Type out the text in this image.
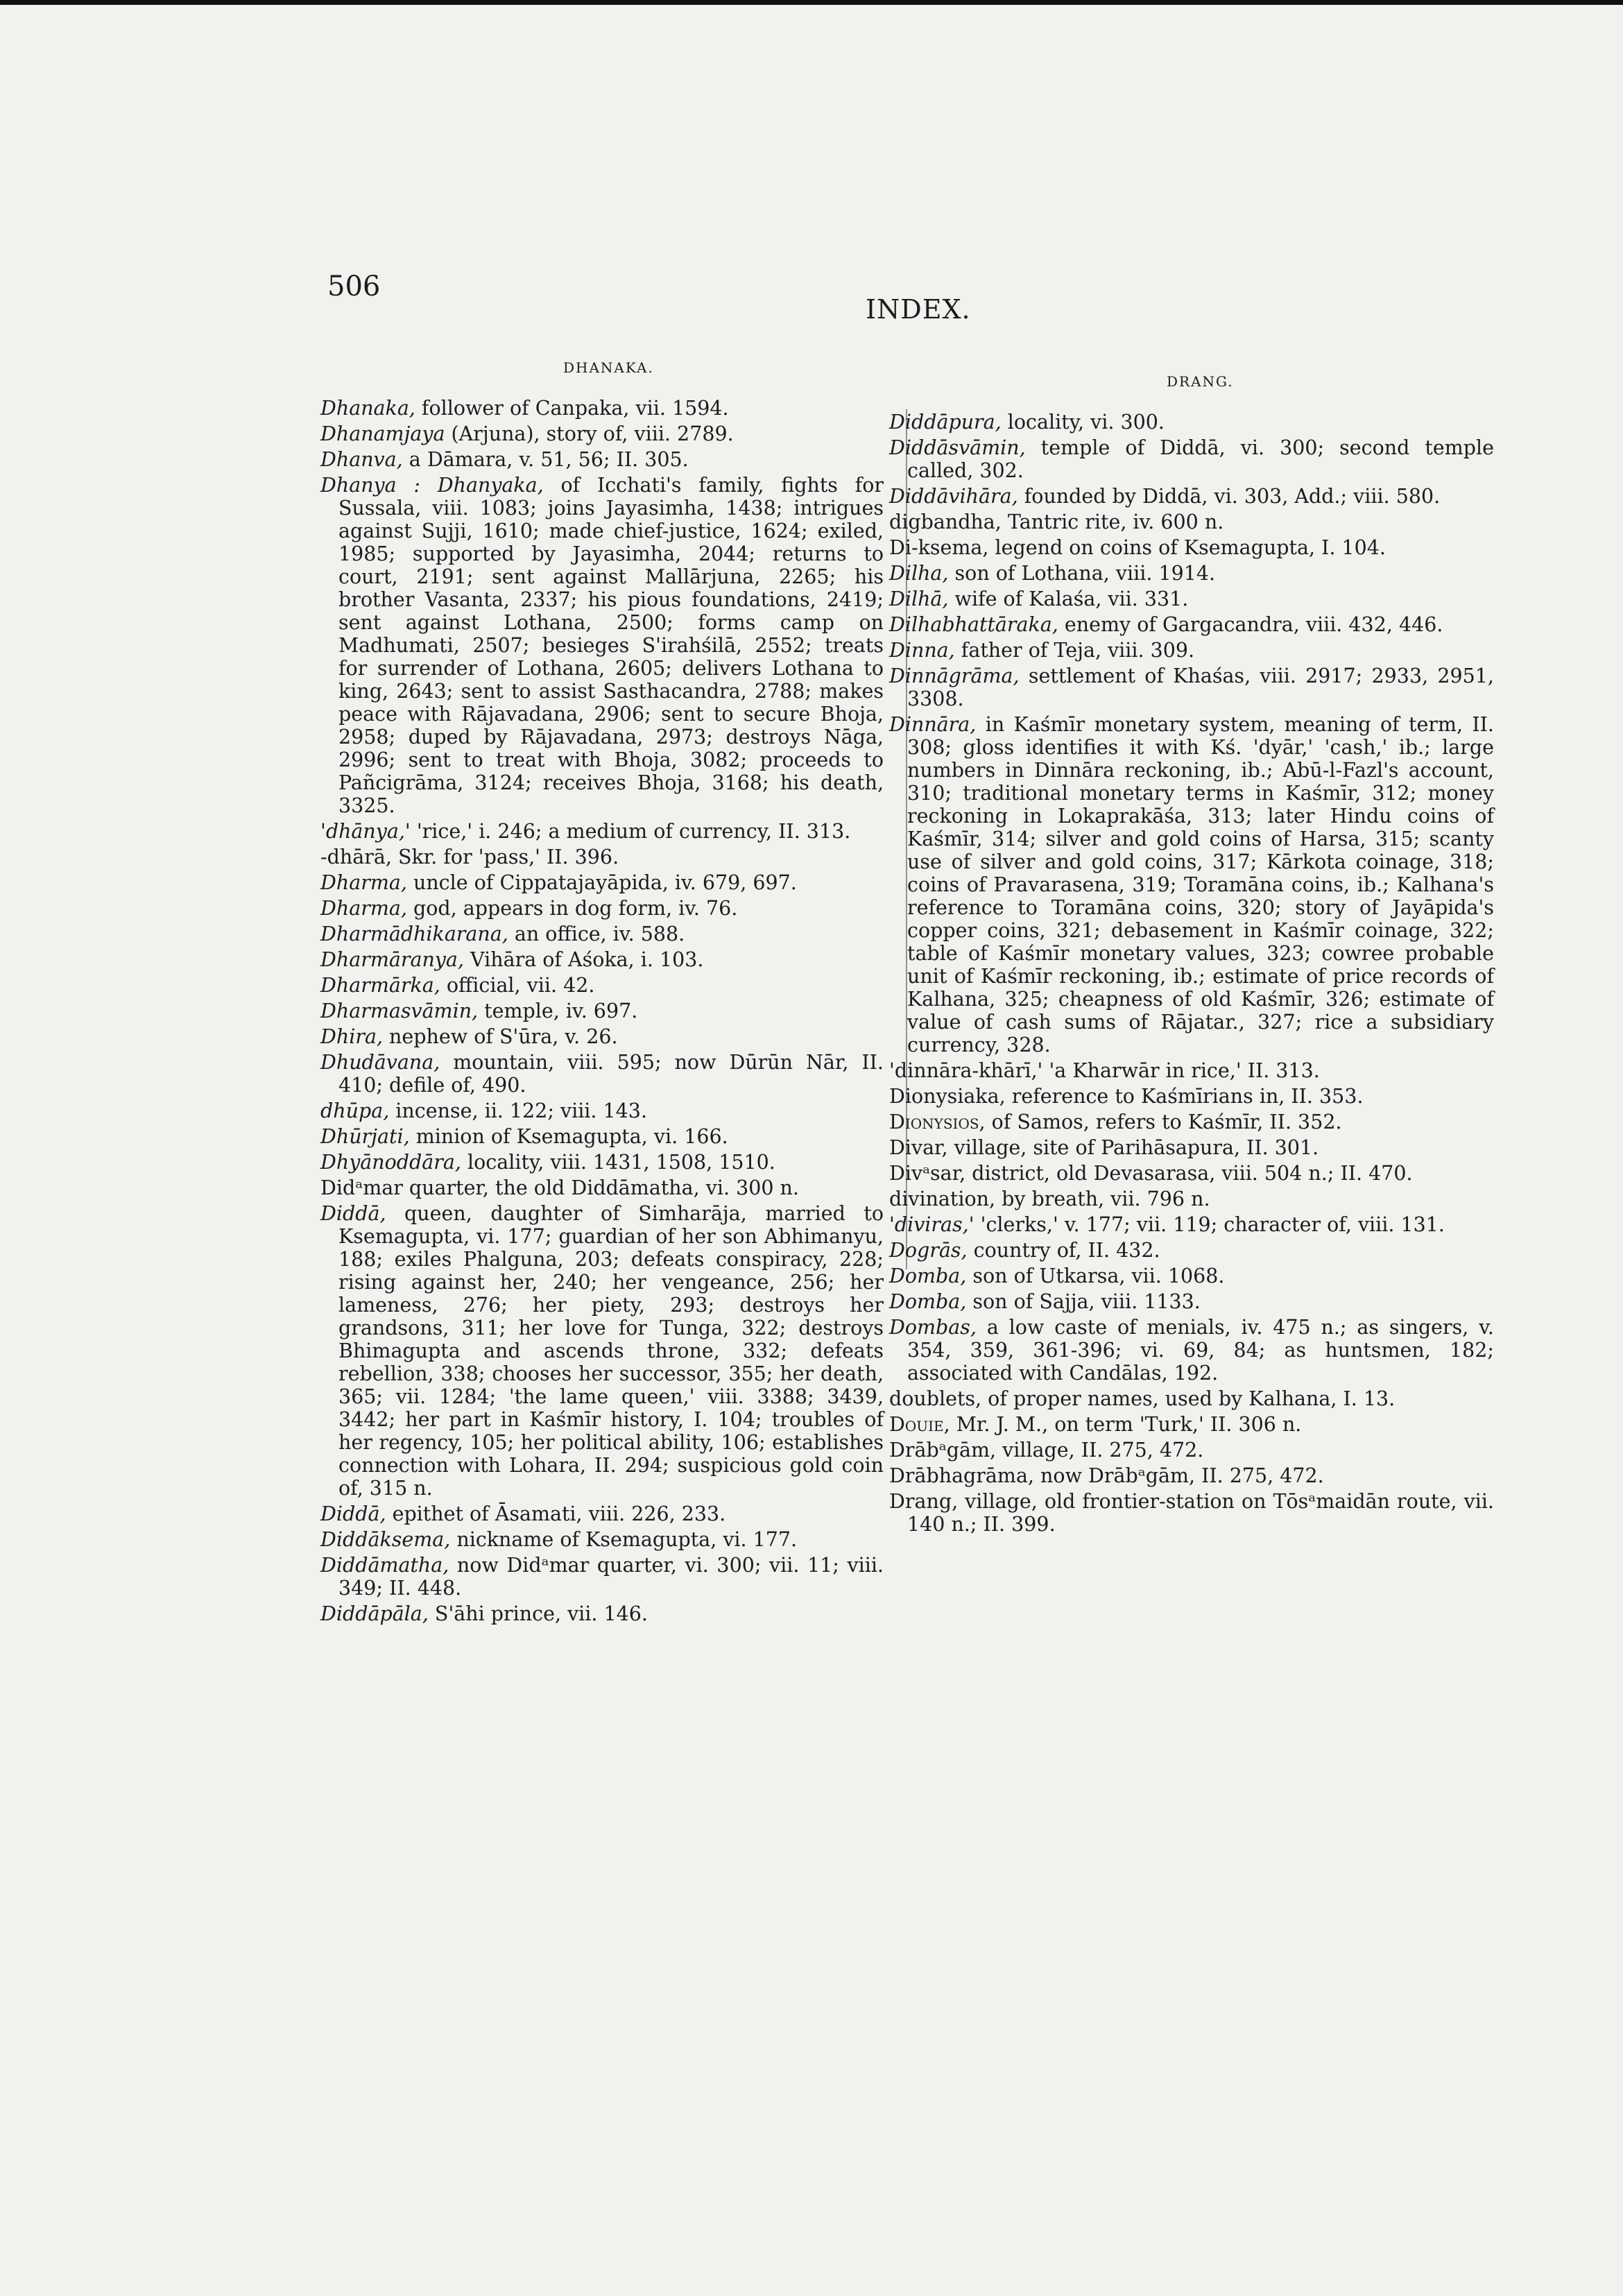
506
INDEX.
DHANAKA.
DRANG.
Dhanaka, follower of Canpaka, vii. 1594.
Dhanamjaya (Arjuna), story of, viii. 2789.
Dhanva, a Dāmara, v. 51, 56; II. 305.
Dhanya : Dhanyaka, of Icchati's family, fights for Sussala, viii. 1083; joins Jayasimha, 1438; intrigues against Sujji, 1610; made chief-justice, 1624; exiled, 1985; supported by Jayasimha, 2044; returns to court, 2191; sent against Mallārjuna, 2265; his brother Vasanta, 2337; his pious foundations, 2419; sent against Lothana, 2500; forms camp on Madhumati, 2507; besieges S'irahśilā, 2552; treats for surrender of Lothana, 2605; delivers Lothana to king, 2643; sent to assist Sasthacandra, 2788; makes peace with Rājavadana, 2906; sent to secure Bhoja, 2958; duped by Rājavadana, 2973; destroys Nāga, 2996; sent to treat with Bhoja, 3082; proceeds to Pañcigrāma, 3124; receives Bhoja, 3168; his death, 3325.
'dhānya,' 'rice,' i. 246; a medium of currency, II. 313.
-dhārā, Skr. for 'pass,' II. 396.
Dharma, uncle of Cippatajayāpida, iv. 679, 697.
Dharma, god, appears in dog form, iv. 76.
Dharmādhikarana, an office, iv. 588.
Dharmāranya, Vihāra of Aśoka, i. 103.
Dharmārka, official, vii. 42.
Dharmasvāmin, temple, iv. 697.
Dhira, nephew of S'ūra, v. 26.
Dhudāvana, mountain, viii. 595; now Dūrūn Nār, II. 410; defile of, 490.
dhūpa, incense, ii. 122; viii. 143.
Dhūrjati, minion of Ksemagupta, vi. 166.
Dhyānoddāra, locality, viii. 1431, 1508, 1510.
Didᵃmar quarter, the old Diddāmatha, vi. 300 n.
Diddā, queen, daughter of Simharāja, married to Ksemagupta, vi. 177; guardian of her son Abhimanyu, 188; exiles Phalguna, 203; defeats conspiracy, 228; rising against her, 240; her vengeance, 256; her lameness, 276; her piety, 293; destroys her grandsons, 311; her love for Tunga, 322; destroys Bhimagupta and ascends throne, 332; defeats rebellion, 338; chooses her successor, 355; her death, 365; vii. 1284; 'the lame queen,' viii. 3388; 3439, 3442; her part in Kaśmīr history, I. 104; troubles of her regency, 105; her political ability, 106; establishes connection with Lohara, II. 294; suspicious gold coin of, 315 n.
Diddā, epithet of Āsamati, viii. 226, 233.
Diddāksema, nickname of Ksemagupta, vi. 177.
Diddāmatha, now Didᵃmar quarter, vi. 300; vii. 11; viii. 349; II. 448.
Diddāpāla, S'āhi prince, vii. 146.
Diddāpura, locality, vi. 300.
Diddāsvāmin, temple of Diddā, vi. 300; second temple called, 302.
Diddāvihāra, founded by Diddā, vi. 303, Add.; viii. 580.
digbandha, Tantric rite, iv. 600 n.
Di-ksema, legend on coins of Ksemagupta, I. 104.
Dilha, son of Lothana, viii. 1914.
Dilhā, wife of Kalaśa, vii. 331.
Dilhabhattāraka, enemy of Gargacandra, viii. 432, 446.
Dinna, father of Teja, viii. 309.
Dinnāgrāma, settlement of Khaśas, viii. 2917; 2933, 2951, 3308.
Dinnāra, in Kaśmīr monetary system, meaning of term, II. 308; gloss identifies it with Kś. 'dyār,' 'cash,' ib.; large numbers in Dinnāra reckoning, ib.; Abū-l-Fazl's account, 310; traditional monetary terms in Kaśmīr, 312; money reckoning in Lokaprakāśa, 313; later Hindu coins of Kaśmīr, 314; silver and gold coins of Harsa, 315; scanty use of silver and gold coins, 317; Kārkota coinage, 318; coins of Pravarasena, 319; Toramāna coins, ib.; Kalhana's reference to Toramāna coins, 320; story of Jayāpida's copper coins, 321; debasement in Kaśmīr coinage, 322; table of Kaśmīr monetary values, 323; cowree probable unit of Kaśmīr reckoning, ib.; estimate of price records of Kalhana, 325; cheapness of old Kaśmīr, 326; estimate of value of cash sums of Rājatar., 327; rice a subsidiary currency, 328.
'dinnāra-khārī,' 'a Kharwār in rice,' II. 313.
Dionysiaka, reference to Kaśmīrians in, II. 353.
Dionysios, of Samos, refers to Kaśmīr, II. 352.
Divar, village, site of Parihāsapura, II. 301.
Divᵃsar, district, old Devasarasa, viii. 504 n.; II. 470.
divination, by breath, vii. 796 n.
'diviras,' 'clerks,' v. 177; vii. 119; character of, viii. 131.
Dogrās, country of, II. 432.
Domba, son of Utkarsa, vii. 1068.
Domba, son of Sajja, viii. 1133.
Dombas, a low caste of menials, iv. 475 n.; as singers, v. 354, 359, 361-396; vi. 69, 84; as huntsmen, 182; associated with Candālas, 192.
doublets, of proper names, used by Kalhana, I. 13.
Douie, Mr. J. M., on term 'Turk,' II. 306 n.
Drābᵃgām, village, II. 275, 472.
Drābhagrāma, now Drābᵃgām, II. 275, 472.
Drang, village, old frontier-station on Tōsᵃmaidān route, vii. 140 n.; II. 399.
